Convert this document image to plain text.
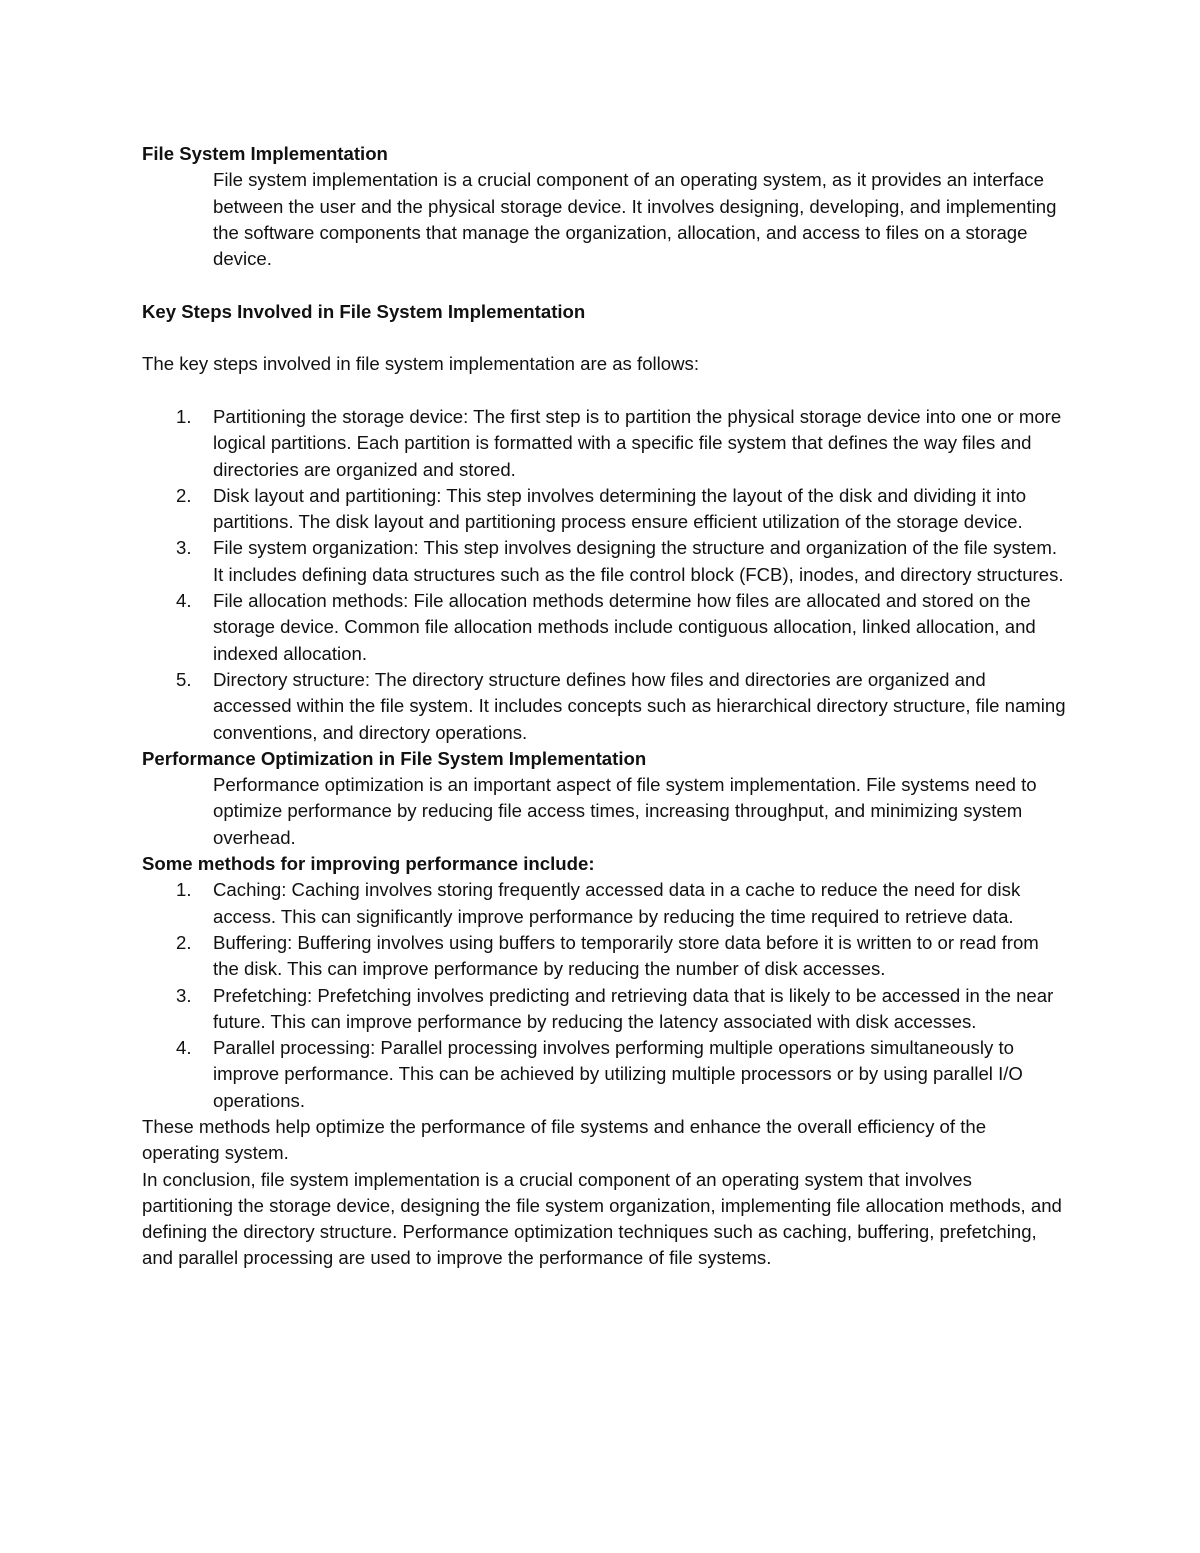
File System Implementation

File system implementation is a crucial component of an operating system, as it provides an interface between the user and the physical storage device. It involves designing, developing, and implementing the software components that manage the organization, allocation, and access to files on a storage device.

Key Steps Involved in File System Implementation

The key steps involved in file system implementation are as follows:

1. Partitioning the storage device: The first step is to partition the physical storage device into one or more logical partitions. Each partition is formatted with a specific file system that defines the way files and directories are organized and stored.
2. Disk layout and partitioning: This step involves determining the layout of the disk and dividing it into partitions. The disk layout and partitioning process ensure efficient utilization of the storage device.
3. File system organization: This step involves designing the structure and organization of the file system. It includes defining data structures such as the file control block (FCB), inodes, and directory structures.
4. File allocation methods: File allocation methods determine how files are allocated and stored on the storage device. Common file allocation methods include contiguous allocation, linked allocation, and indexed allocation.
5. Directory structure: The directory structure defines how files and directories are organized and accessed within the file system. It includes concepts such as hierarchical directory structure, file naming conventions, and directory operations.

Performance Optimization in File System Implementation

Performance optimization is an important aspect of file system implementation. File systems need to optimize performance by reducing file access times, increasing throughput, and minimizing system overhead.

Some methods for improving performance include:

1. Caching: Caching involves storing frequently accessed data in a cache to reduce the need for disk access. This can significantly improve performance by reducing the time required to retrieve data.
2. Buffering: Buffering involves using buffers to temporarily store data before it is written to or read from the disk. This can improve performance by reducing the number of disk accesses.
3. Prefetching: Prefetching involves predicting and retrieving data that is likely to be accessed in the near future. This can improve performance by reducing the latency associated with disk accesses.
4. Parallel processing: Parallel processing involves performing multiple operations simultaneously to improve performance. This can be achieved by utilizing multiple processors or by using parallel I/O operations.

These methods help optimize the performance of file systems and enhance the overall efficiency of the operating system.

In conclusion, file system implementation is a crucial component of an operating system that involves partitioning the storage device, designing the file system organization, implementing file allocation methods, and defining the directory structure. Performance optimization techniques such as caching, buffering, prefetching, and parallel processing are used to improve the performance of file systems.
